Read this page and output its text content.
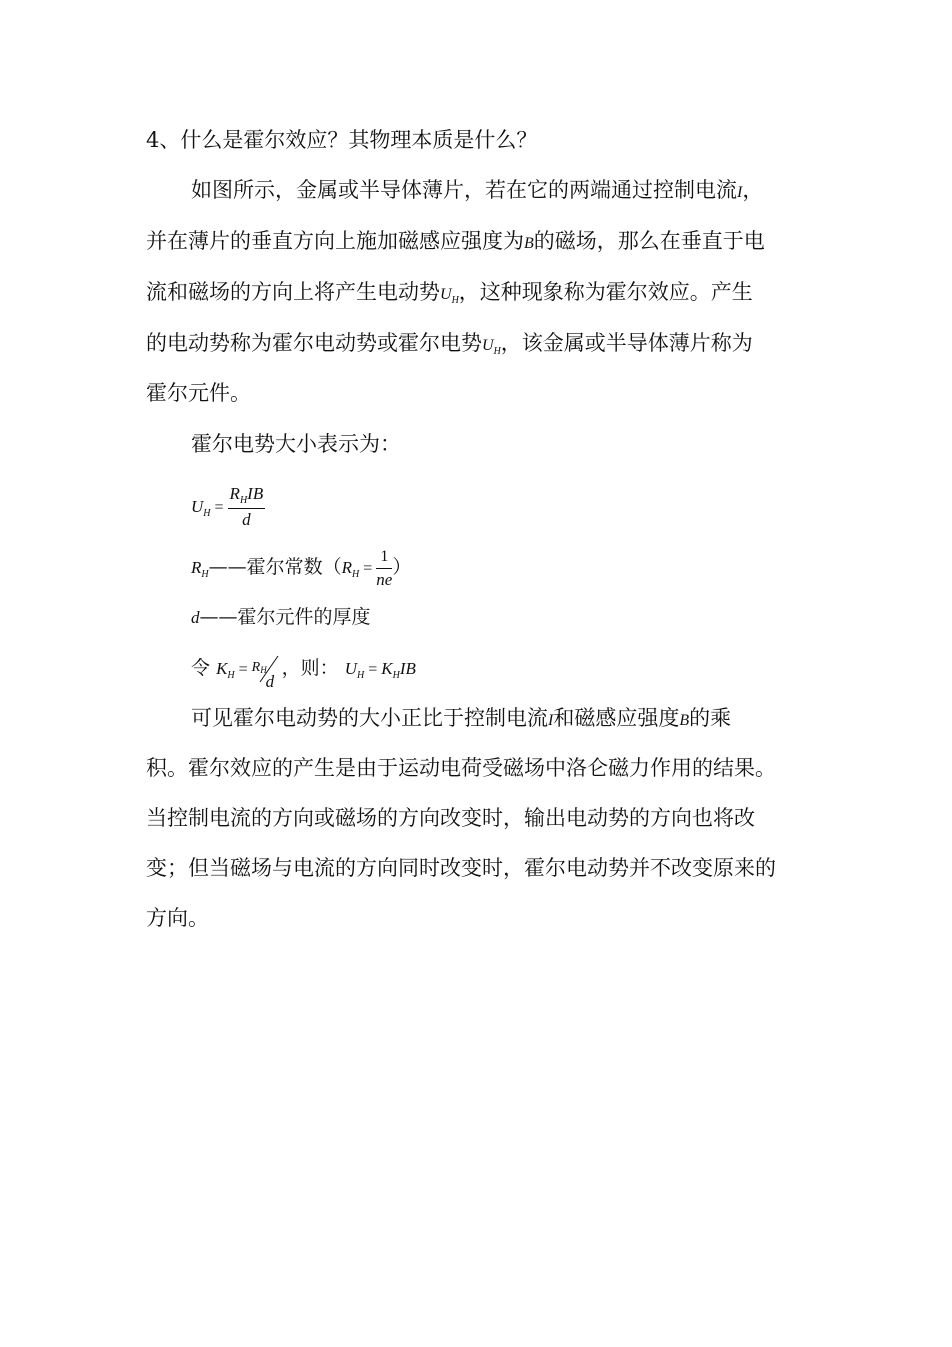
4、什么是霍尔效应？其物理本质是什么？
如图所示，金属或半导体薄片，若在它的两端通过控制电流I，
并在薄片的垂直方向上施加磁感应强度为B的磁场，那么在垂直于电
流和磁场的方向上将产生电动势$U_H$，这种现象称为霍尔效应。产生
的电动势称为霍尔电动势或霍尔电势$U_H$，该金属或半导体薄片称为
霍尔元件。
霍尔电势大小表示为：
$U_H = \frac{R_HIB}{d}$
$R_H——$霍尔常数（$R_H = \frac{1}{ne}$ ）
d——霍尔元件的厚度
令 $K_H$ = RH
d
，则： $U_H = K_HIB$
可见霍尔电动势的大小正比于控制电流I和磁感应强度B的乘
积。霍尔效应的产生是由于运动电荷受磁场中洛仑磁力作用的结果。
当控制电流的方向或磁场的方向改变时，输出电动势的方向也将改
变；但当磁场与电流的方向同时改变时，霍尔电动势并不改变原来的
方向。
